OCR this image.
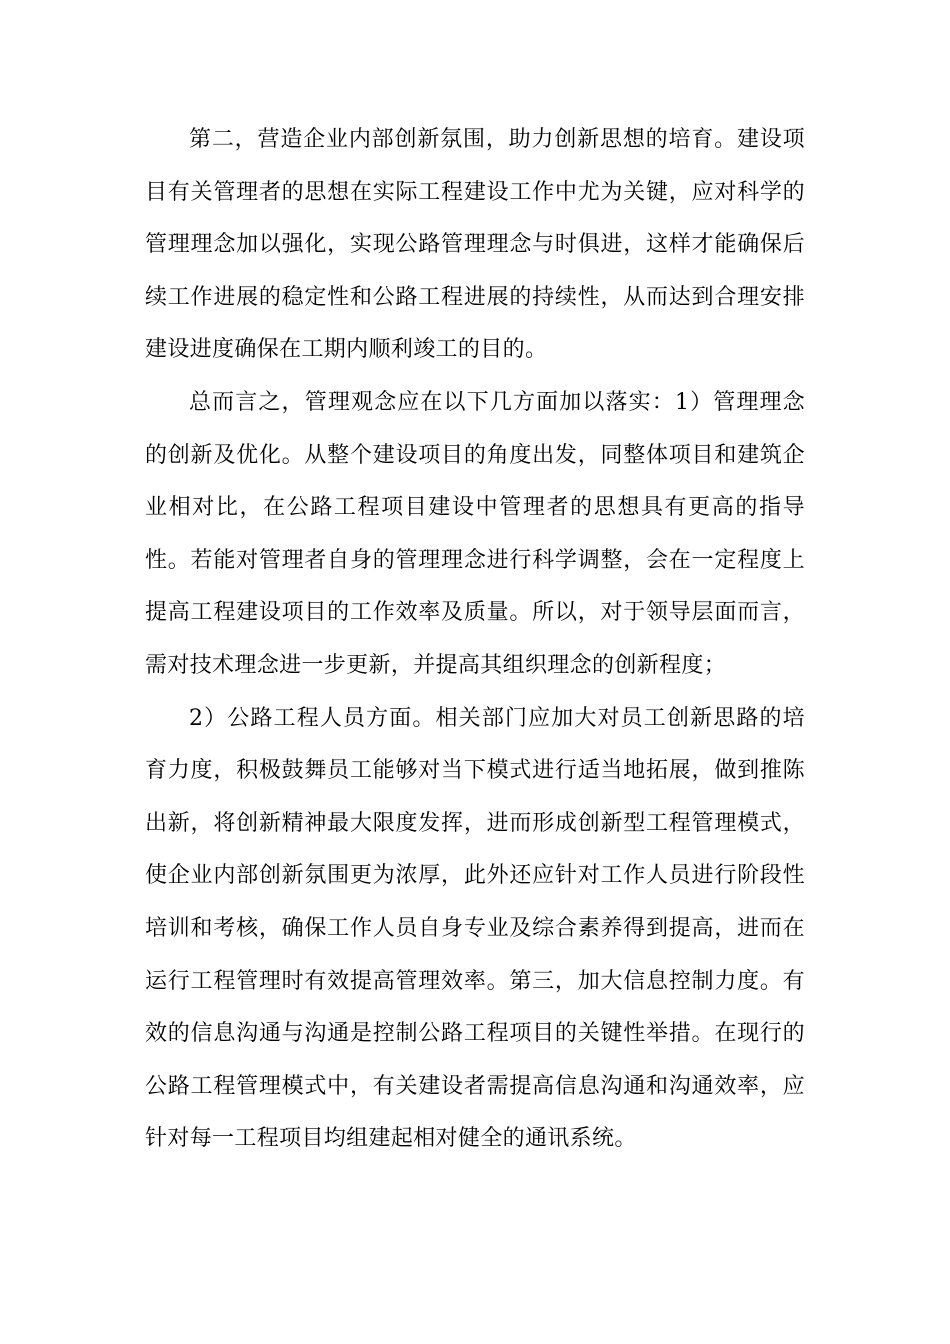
第二，营造企业内部创新氛围，助力创新思想的培育。建设项目有关管理者的思想在实际工程建设工作中尤为关键，应对科学的管理理念加以强化，实现公路管理理念与时俱进，这样才能确保后续工作进展的稳定性和公路工程进展的持续性，从而达到合理安排建设进度确保在工期内顺利竣工的目的。

总而言之，管理观念应在以下几方面加以落实：1）管理理念的创新及优化。从整个建设项目的角度出发，同整体项目和建筑企业相对比，在公路工程项目建设中管理者的思想具有更高的指导性。若能对管理者自身的管理理念进行科学调整，会在一定程度上提高工程建设项目的工作效率及质量。所以，对于领导层面而言，需对技术理念进一步更新，并提高其组织理念的创新程度；

2）公路工程人员方面。相关部门应加大对员工创新思路的培育力度，积极鼓舞员工能够对当下模式进行适当地拓展，做到推陈出新，将创新精神最大限度发挥，进而形成创新型工程管理模式，使企业内部创新氛围更为浓厚，此外还应针对工作人员进行阶段性培训和考核，确保工作人员自身专业及综合素养得到提高，进而在运行工程管理时有效提高管理效率。第三，加大信息控制力度。有效的信息沟通与沟通是控制公路工程项目的关键性举措。在现行的公路工程管理模式中，有关建设者需提高信息沟通和沟通效率，应针对每一工程项目均组建起相对健全的通讯系统。
